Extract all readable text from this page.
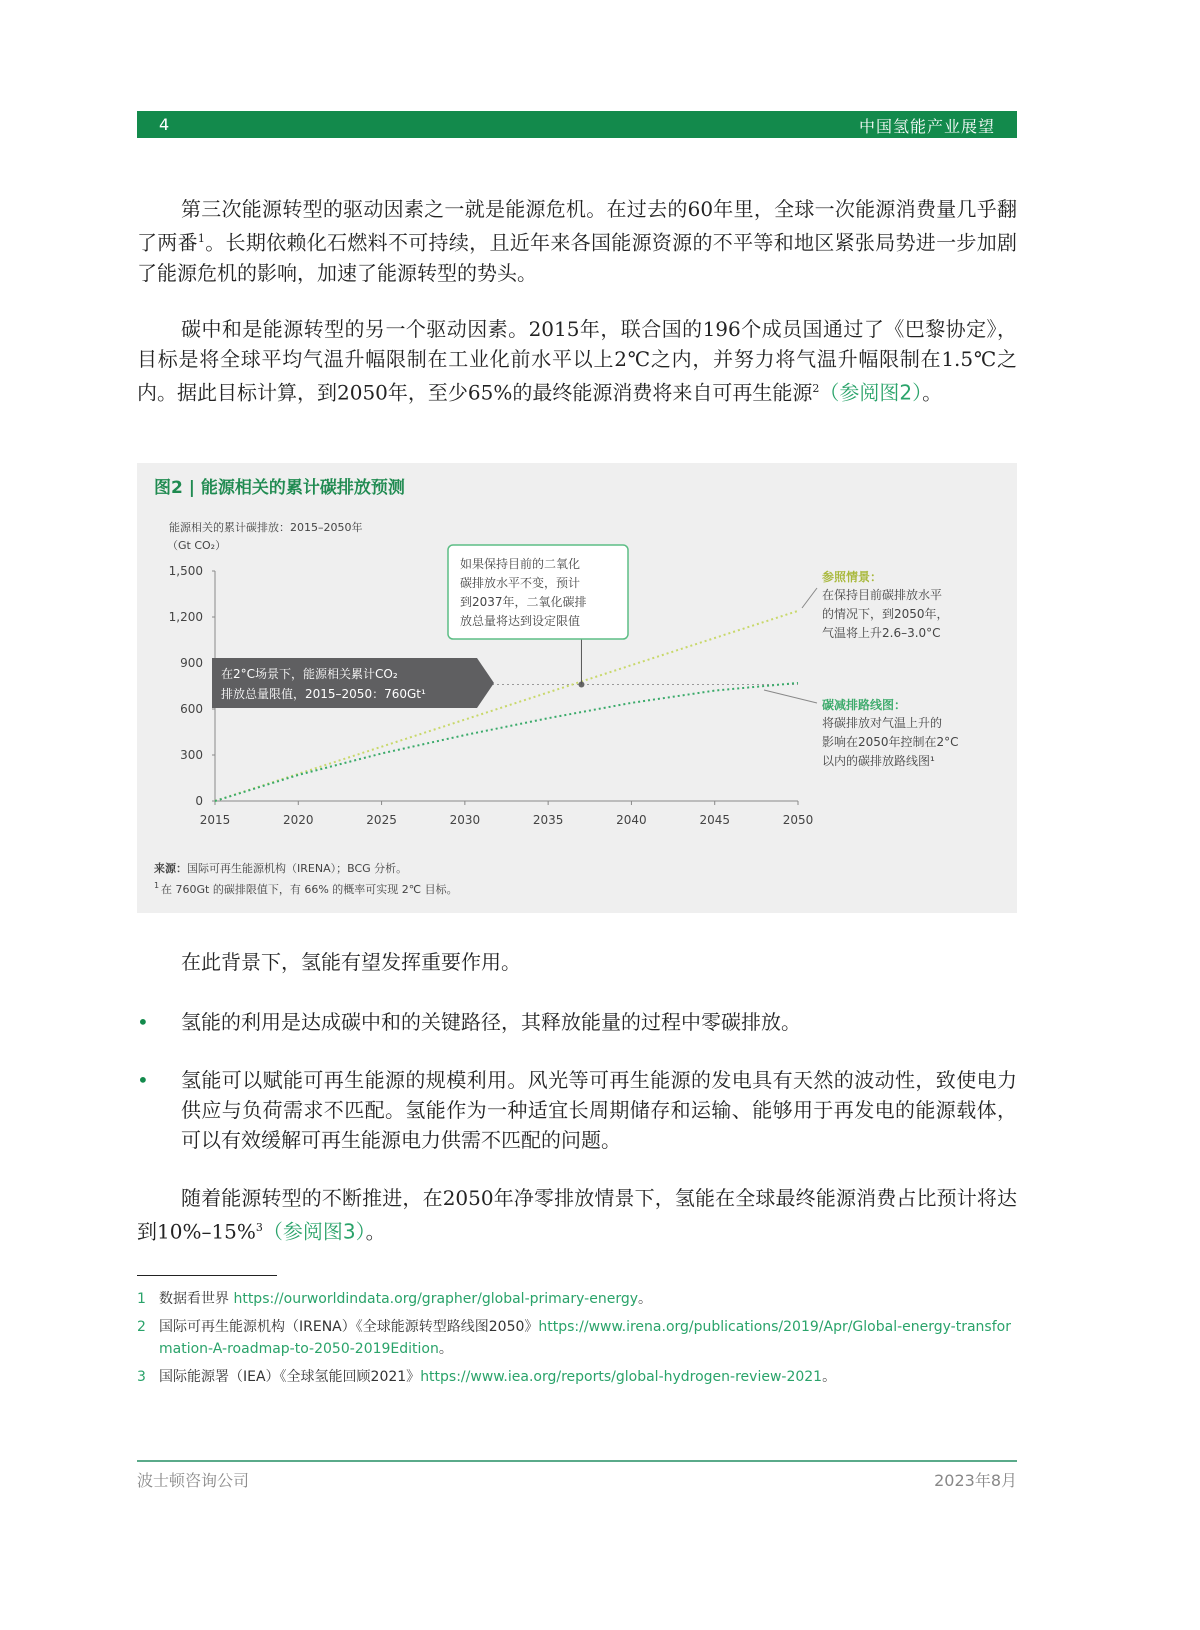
4	中国氢能产业展望
第三次能源转型的驱动因素之一就是能源危机。在过去的60年里，全球一次能源消费量几乎翻了两番$^1$。长期依赖化石燃料不可持续，且近年来各国能源资源的不平等和地区紧张局势进一步加剧了能源危机的影响，加速了能源转型的势头。
碳中和是能源转型的另一个驱动因素。2015年，联合国的196个成员国通过了《巴黎协定》，目标是将全球平均气温升幅限制在工业化前水平以上2℃之内，并努力将气温升幅限制在1.5℃之内。据此目标计算，到2050年，至少65%的最终能源消费将来自可再生能源$^2$（参阅图2）。
图2 | 能源相关的累计碳排放预测
能源相关的累计碳排放：2015–2050年
（Gt CO₂）
0
300
600
900
1,200
1,500
2015	2020	2025	2030	2035	2040	2045	2050
如果保持目前的二氧化
碳排放水平不变，预计
到2037年，二氧化碳排
放总量将达到设定限值
在2°C场景下，能源相关累计CO₂
排放总量限值，2015–2050：760Gt¹
参照情景：
在保持目前碳排放水平
的情况下，到2050年，
气温将上升2.6–3.0°C
碳减排路线图：
将碳排放对气温上升的
影响在2050年控制在2°C
以内的碳排放路线图¹
来源：国际可再生能源机构（IRENA）；BCG 分析。
1 在 760Gt 的碳排限值下，有 66% 的概率可实现 2℃ 目标。
在此背景下，氢能有望发挥重要作用。
• 氢能的利用是达成碳中和的关键路径，其释放能量的过程中零碳排放。
• 氢能可以赋能可再生能源的规模利用。风光等可再生能源的发电具有天然的波动性，致使电力供应与负荷需求不匹配。氢能作为一种适宜长周期储存和运输、能够用于再发电的能源载体，可以有效缓解可再生能源电力供需不匹配的问题。
随着能源转型的不断推进，在2050年净零排放情景下，氢能在全球最终能源消费占比预计将达到10%–15%$^3$（参阅图3）。
1 数据看世界 https://ourworldindata.org/grapher/global-primary-energy。
2 国际可再生能源机构（IRENA）《全球能源转型路线图2050》https://www.irena.org/publications/2019/Apr/Global-energy-transformation-A-roadmap-to-2050-2019Edition。
3 国际能源署（IEA）《全球氢能回顾2021》https://www.iea.org/reports/global-hydrogen-review-2021。
波士顿咨询公司	2023年8月
